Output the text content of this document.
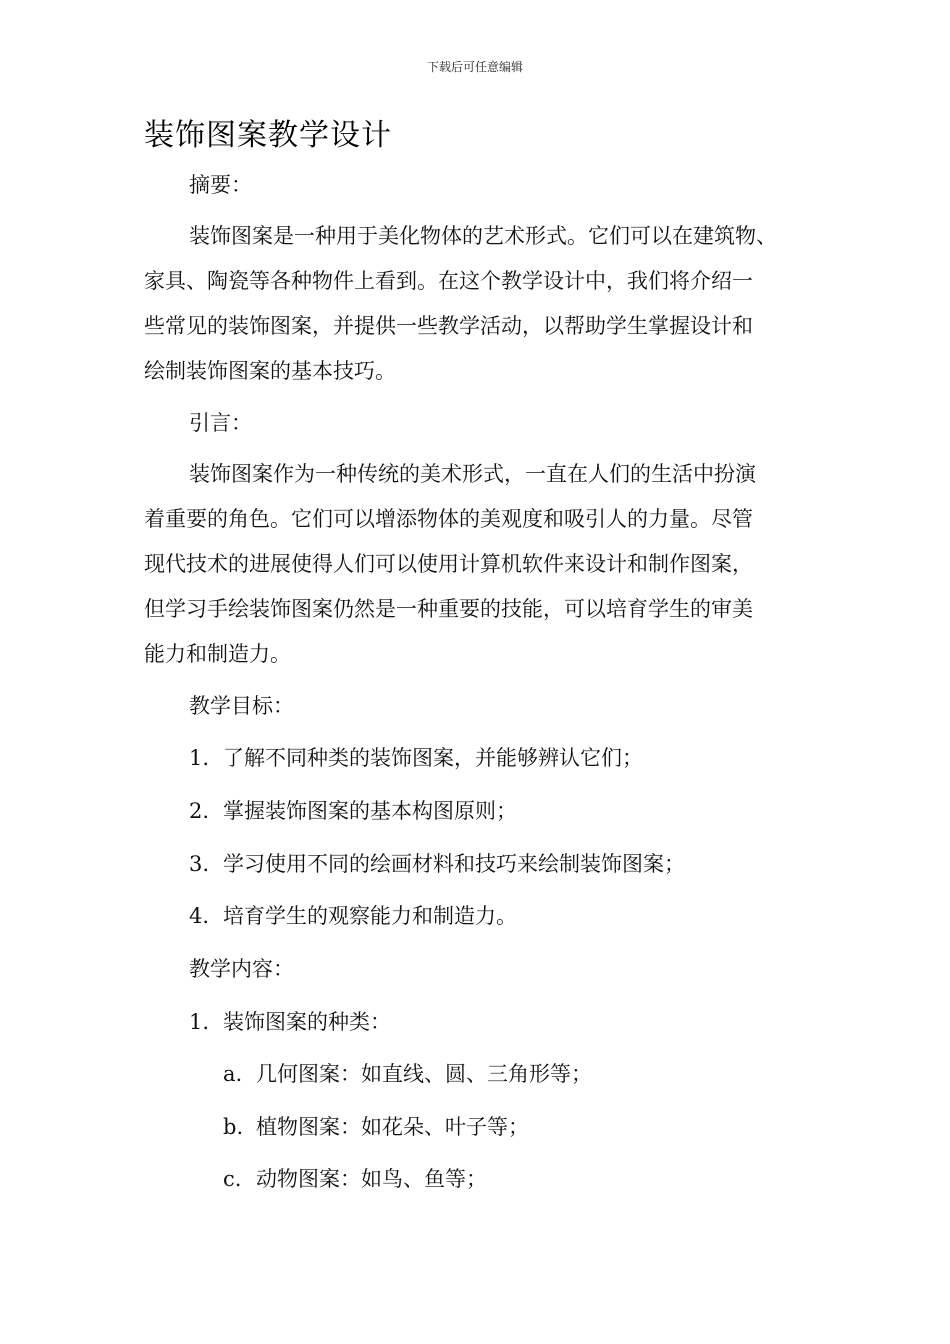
下载后可任意编辑
装饰图案教学设计
摘要：
装饰图案是一种用于美化物体的艺术形式。它们可以在建筑物、
家具、陶瓷等各种物件上看到。在这个教学设计中，我们将介绍一
些常见的装饰图案，并提供一些教学活动，以帮助学生掌握设计和
绘制装饰图案的基本技巧。
引言：
装饰图案作为一种传统的美术形式，一直在人们的生活中扮演
着重要的角色。它们可以增添物体的美观度和吸引人的力量。尽管
现代技术的进展使得人们可以使用计算机软件来设计和制作图案，
但学习手绘装饰图案仍然是一种重要的技能，可以培育学生的审美
能力和制造力。
教学目标：
1. 了解不同种类的装饰图案，并能够辨认它们；
2. 掌握装饰图案的基本构图原则；
3. 学习使用不同的绘画材料和技巧来绘制装饰图案；
4. 培育学生的观察能力和制造力。
教学内容：
1. 装饰图案的种类：
a. 几何图案：如直线、圆、三角形等；
b. 植物图案：如花朵、叶子等；
c. 动物图案：如鸟、鱼等；
